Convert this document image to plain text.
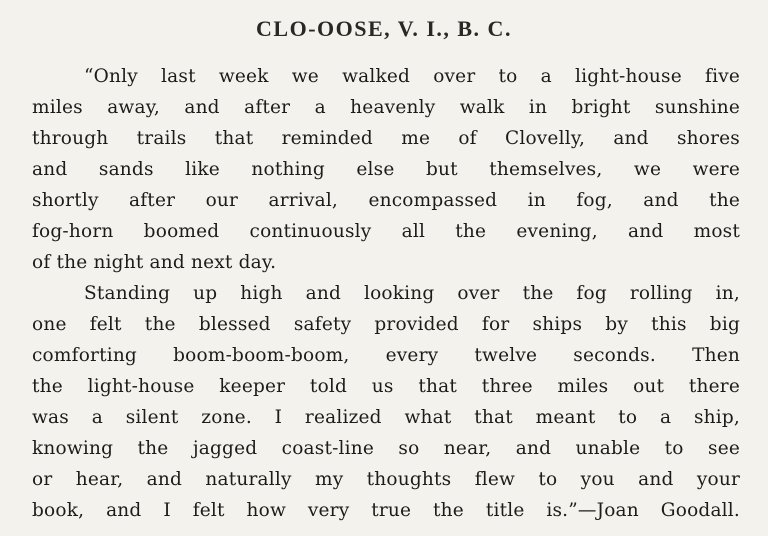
CLO-OOSE, V. I., B. C.

“Only last week we walked over to a light-house five

miles away, and after a heavenly walk in bright sunshine

through trails that reminded me of Clovelly, and shores

and sands like nothing else but themselves, we were

shortly after our arrival, encompassed in fog, and the

fog-horn boomed continuously all the evening, and most

of the night and next day.

Standing up high and looking over the fog rolling in,

one felt the blessed safety provided for ships by this big

comforting boom-boom-boom, every twelve seconds. Then

the light-house keeper told us that three miles out there

was a silent zone. I realized what that meant to a ship,

knowing the jagged coast-line so near, and unable to see

or hear, and naturally my thoughts flew to you and your

book, and I felt how very true the title is.”—Joan Goodall.
